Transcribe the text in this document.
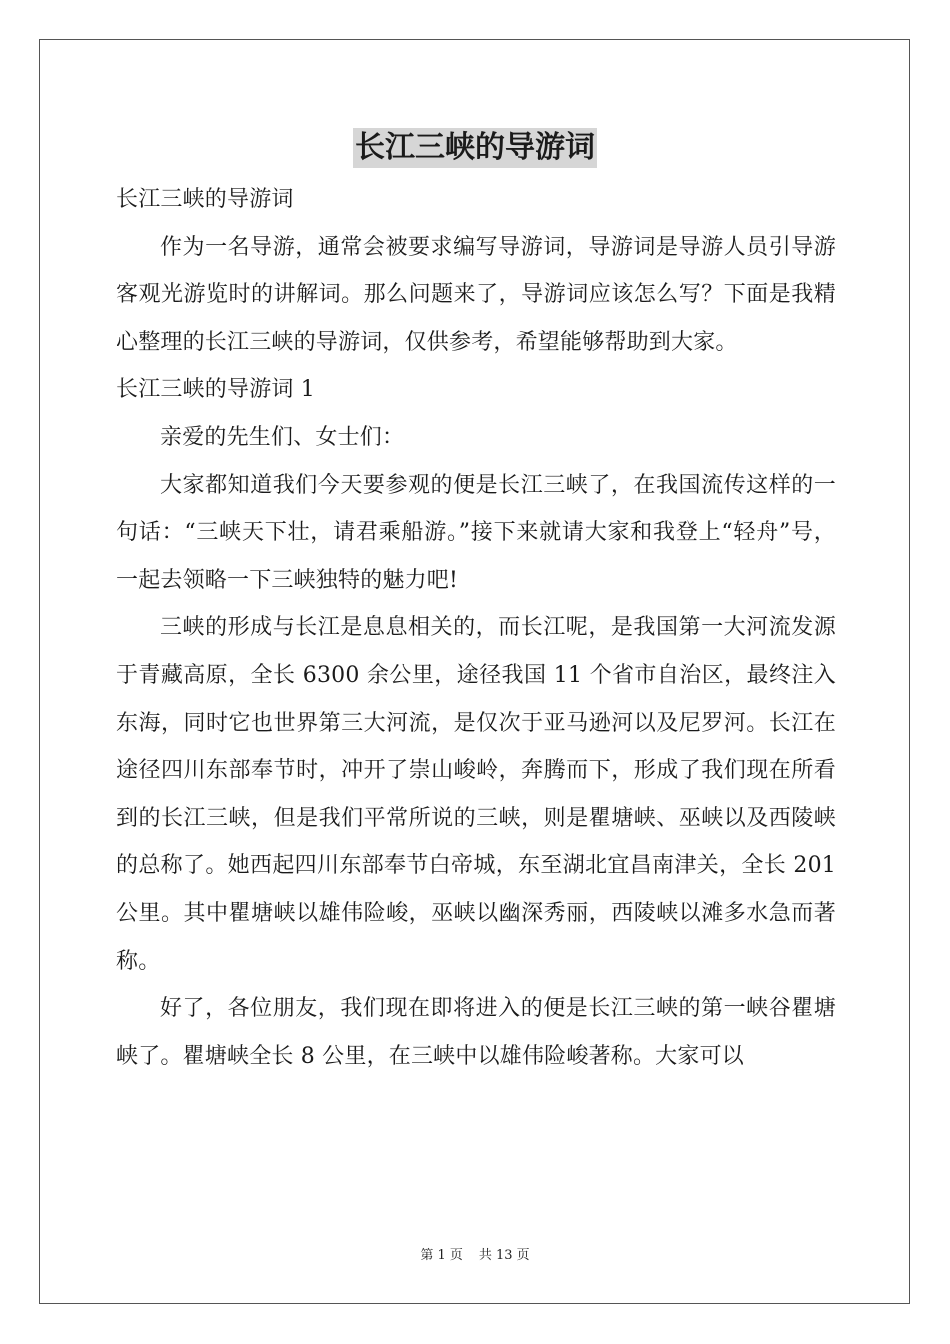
长江三峡的导游词

长江三峡的导游词

作为一名导游，通常会被要求编写导游词，导游词是导游人员引导游客观光游览时的讲解词。那么问题来了，导游词应该怎么写？下面是我精心整理的长江三峡的导游词，仅供参考，希望能够帮助到大家。

长江三峡的导游词 1

亲爱的先生们、女士们：

大家都知道我们今天要参观的便是长江三峡了，在我国流传这样的一句话：“三峡天下壮，请君乘船游。”接下来就请大家和我登上“轻舟”号，一起去领略一下三峡独特的魅力吧!

三峡的形成与长江是息息相关的，而长江呢，是我国第一大河流发源于青藏高原，全长 6300 余公里，途径我国 11 个省市自治区，最终注入东海，同时它也世界第三大河流，是仅次于亚马逊河以及尼罗河。长江在途径四川东部奉节时，冲开了崇山峻岭，奔腾而下，形成了我们现在所看到的长江三峡，但是我们平常所说的三峡，则是瞿塘峡、巫峡以及西陵峡的总称了。她西起四川东部奉节白帝城，东至湖北宜昌南津关，全长 201 公里。其中瞿塘峡以雄伟险峻，巫峡以幽深秀丽，西陵峡以滩多水急而著称。

好了，各位朋友，我们现在即将进入的便是长江三峡的第一峡谷瞿塘峡了。瞿塘峡全长 8 公里，在三峡中以雄伟险峻著称。大家可以

第 1 页 共 13 页
